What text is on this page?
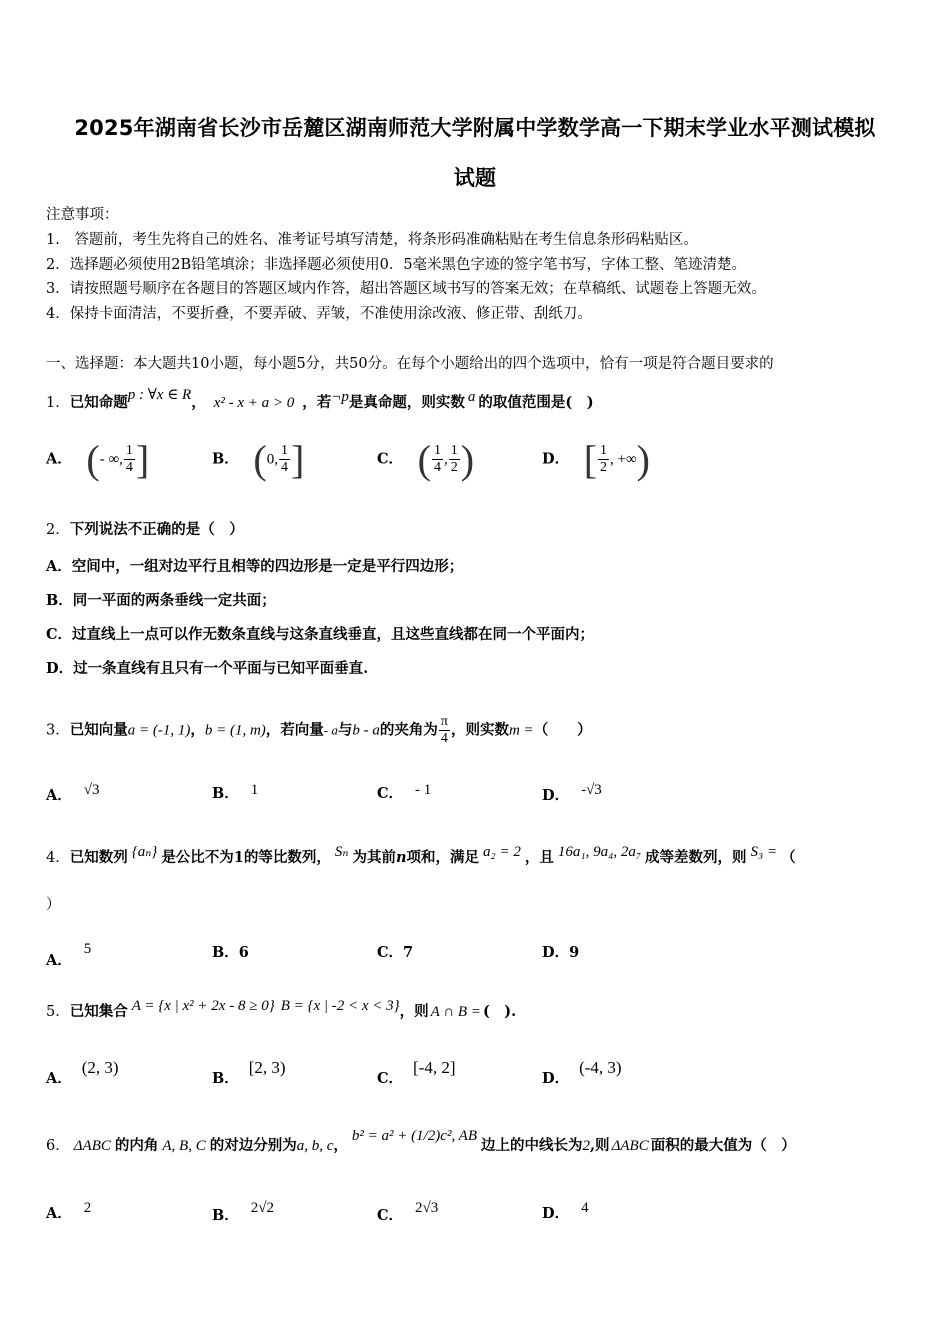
2025年湖南省长沙市岳麓区湖南师范大学附属中学数学高一下期末学业水平测试模拟
试题
注意事项：
1.　答题前，考生先将自己的姓名、准考证号填写清楚，将条形码准确粘贴在考生信息条形码粘贴区。
2．选择题必须使用2B铅笔填涂；非选择题必须使用0．5毫米黑色字迹的签字笔书写，字体工整、笔迹清楚。
3．请按照题号顺序在各题目的答题区域内作答，超出答题区域书写的答案无效；在草稿纸、试题卷上答题无效。
4．保持卡面清洁，不要折叠，不要弄破、弄皱，不准使用涂改液、修正带、刮纸刀。
一、选择题：本大题共10小题，每小题5分，共50分。在每个小题给出的四个选项中，恰有一项是符合题目要求的
1．已知命题p : ∀x ∈ R， x² - x + a > 0 ，若¬p是真命题，则实数 a 的取值范围是(　)
A． (- ∞, $\frac{1}{4}$ ]	B． (0, $\frac{1}{4}$ ]	C． ( $\frac{1}{4}$ , $\frac{1}{2}$ )	D． [ $\frac{1}{2}$ , +∞)
2．下列说法不正确的是（　）
A．空间中，一组对边平行且相等的四边形是一定是平行四边形；
B．同一平面的两条垂线一定共面；
C．过直线上一点可以作无数条直线与这条直线垂直，且这些直线都在同一个平面内；
D．过一条直线有且只有一个平面与已知平面垂直.
3．已知向量a = (-1, 1)，b = (1, m)，若向量- a与b - a的夹角为 $\frac{\pi}{4}$ ，则实数m =（　　）
A． √3	B． 1	C． - 1	D． -√3
4．已知数列 {aₙ} 是公比不为1的等比数列， Sₙ 为其前n项和，满足 a₂ = 2 ，且 16a₁, 9a₄, 2a₇ 成等差数列，则 S₃ = （
）
A．5	B．6	C．7	D．9
5．已知集合 A = {x | x² + 2x - 8 ≥ 0} B = {x | -2 < x < 3}，则 A ∩ B = (　).
A．(2, 3)
B．[2, 3)
C．[-4, 2]
D．(-4, 3)
6． ΔABC 的内角 A, B, C 的对边分别为a, b, c，b² = a² + (1/2)c², AB边上的中线长为2,则 ΔABC 面积的最大值为（　）
A． 2	B． 2√2	C． 2√3	D． 4
